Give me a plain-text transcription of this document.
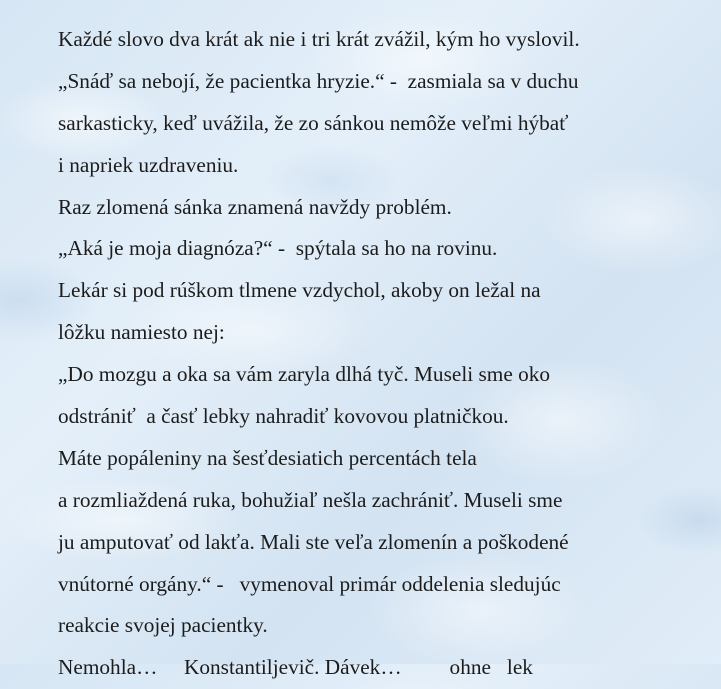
Každé slovo dva krát ak nie i tri krát zvážil, kým ho vyslovil.
„Snáď sa nebojí, že pacientka hryzie.“ -  zasmiala sa v duchu
sarkasticky, keď uvážila, že zo sánkou nemôže veľmi hýbať
i napriek uzdraveniu.
Raz zlomená sánka znamená navždy problém.
„Aká je moja diagnóza?“ -  spýtala sa ho na rovinu.
Lekár si pod rúškom tlmene vzdychol, akoby on ležal na
lôžku namiesto nej:
„Do mozgu a oka sa vám zaryla dlhá tyč. Museli sme oko
odstrániť  a časť lebky nahradiť kovovou platničkou.
Máte popáleniny na šesťdesiatich percentách tela
a rozmliaždená ruka, bohužiaľ nešla zachrániť. Museli sme
ju amputovať od lakťa. Mali ste veľa zlomenín a poškodené
vnútorné orgány.“ -   vymenoval primár oddelenia sledujúc
reakcie svojej pacientky.
Nemohla…     Konstantiljevič. Dávek…         ohne   lek
